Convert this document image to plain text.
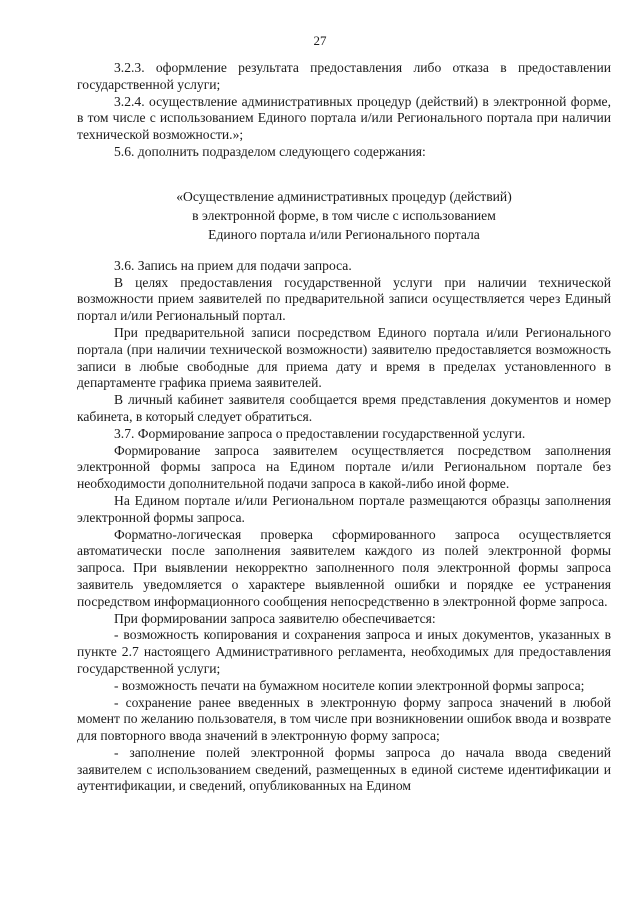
27

3.2.3. оформление результата предоставления либо отказа в предоставлении государственной услуги;

3.2.4. осуществление административных процедур (действий) в электронной форме, в том числе с использованием Единого портала и/или Регионального портала при наличии технической возможности.»;

5.6. дополнить подразделом следующего содержания:

«Осуществление административных процедур (действий)
в электронной форме, в том числе с использованием
Единого портала и/или Регионального портала

3.6. Запись на прием для подачи запроса.

В целях предоставления государственной услуги при наличии технической возможности прием заявителей по предварительной записи осуществляется через Единый портал и/или Региональный портал.

При предварительной записи посредством Единого портала и/или Регионального портала (при наличии технической возможности) заявителю предоставляется возможность записи в любые свободные для приема дату и время в пределах установленного в департаменте графика приема заявителей.

В личный кабинет заявителя сообщается время представления документов и номер кабинета, в который следует обратиться.

3.7. Формирование запроса о предоставлении государственной услуги.

Формирование запроса заявителем осуществляется посредством заполнения электронной формы запроса на Едином портале и/или Региональном портале без необходимости дополнительной подачи запроса в какой-либо иной форме.

На Едином портале и/или Региональном портале размещаются образцы заполнения электронной формы запроса.

Форматно-логическая проверка сформированного запроса осуществляется автоматически после заполнения заявителем каждого из полей электронной формы запроса. При выявлении некорректно заполненного поля электронной формы запроса заявитель уведомляется о характере выявленной ошибки и порядке ее устранения посредством информационного сообщения непосредственно в электронной форме запроса.

При формировании запроса заявителю обеспечивается:

- возможность копирования и сохранения запроса и иных документов, указанных в пункте 2.7 настоящего Административного регламента, необходимых для предоставления государственной услуги;

- возможность печати на бумажном носителе копии электронной формы запроса;

- сохранение ранее введенных в электронную форму запроса значений в любой момент по желанию пользователя, в том числе при возникновении ошибок ввода и возврате для повторного ввода значений в электронную форму запроса;

- заполнение полей электронной формы запроса до начала ввода сведений заявителем с использованием сведений, размещенных в единой системе идентификации и аутентификации, и сведений, опубликованных на Едином
